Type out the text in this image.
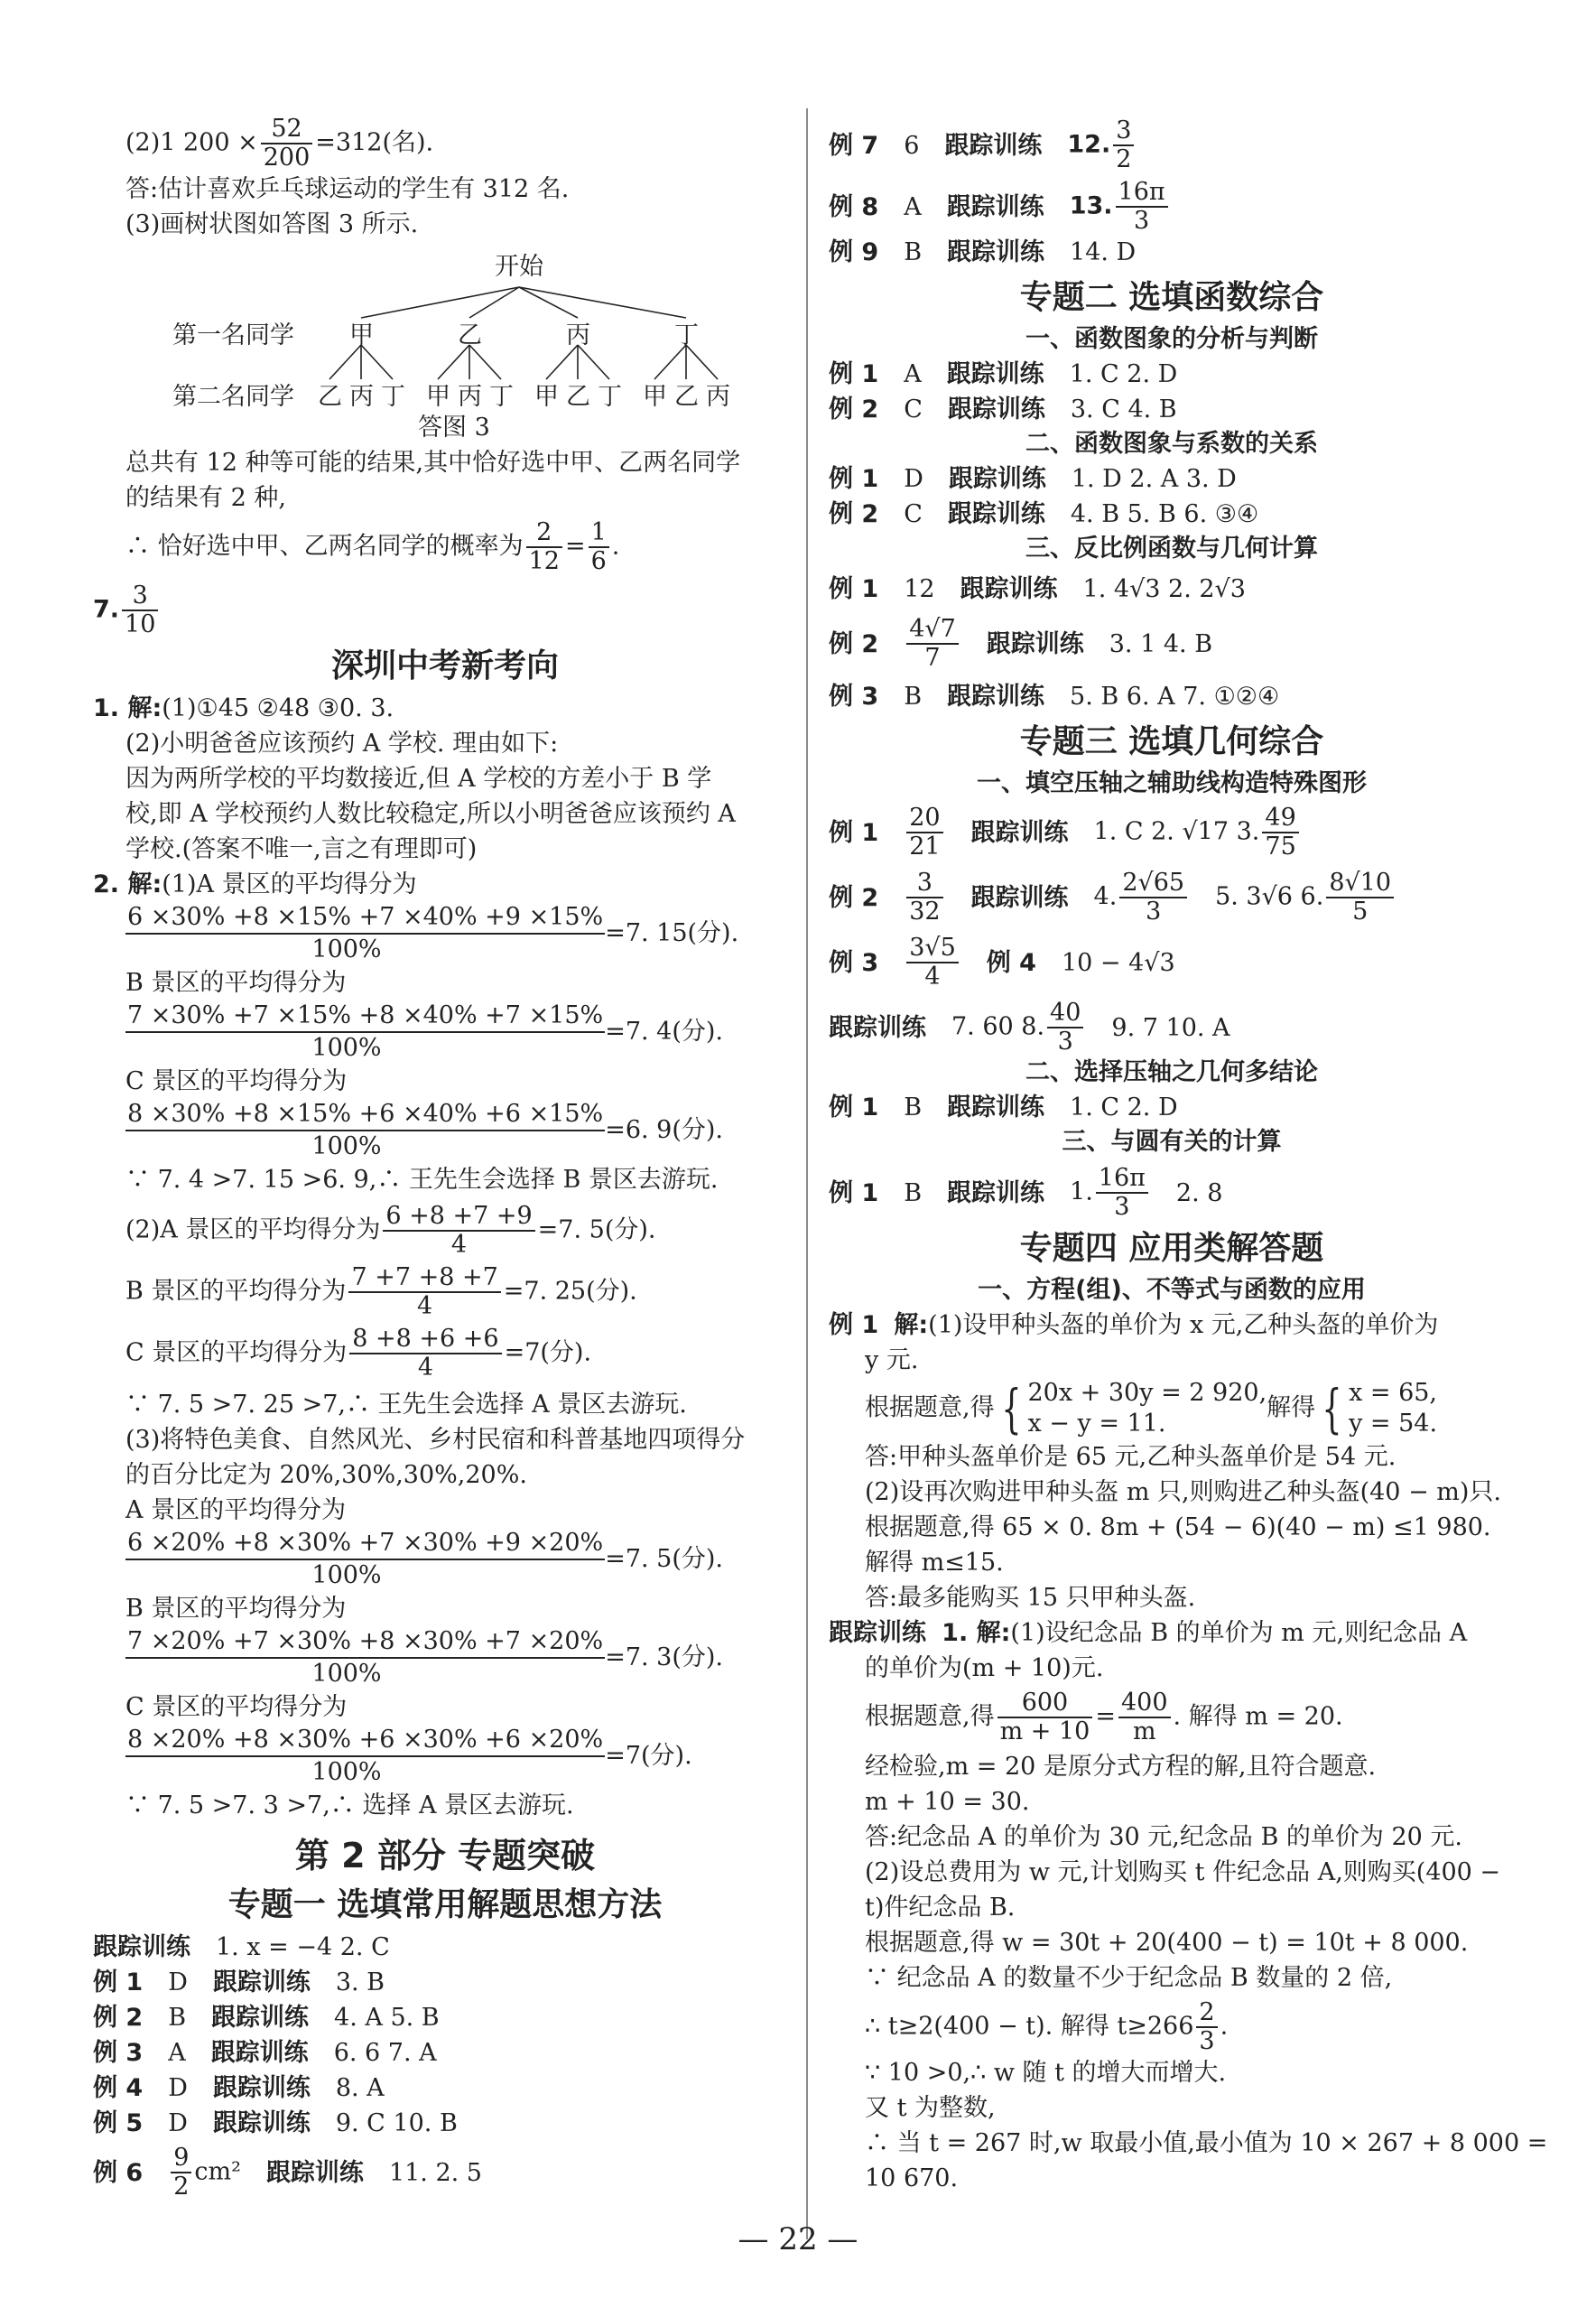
(2)1 $200 \times \frac{52}{200} =312$(名).
答:估计喜欢乒乓球运动的学生有 312 名.
(3)画树状图如答图 3 所示.
开始
第一名同学
第二名同学
甲	乙	丙	丁
乙 丙 丁 甲 丙 丁 甲 乙 丁 甲 乙 丙
答图 3
总共有 12 种等可能的结果,其中恰好选中甲、乙两名同学
的结果有 2 种,
∴ 恰好选中甲、乙两名同学的概率为 $\frac{2}{12} = \frac{1}{6}$ .
7. $\frac{3}{10}$
深圳中考新考向
1. 解:(1)①45 ②48 ③0. 3.
(2)小明爸爸应该预约 A 学校. 理由如下:
因为两所学校的平均数接近,但 A 学校的方差小于 B 学
校,即 A 学校预约人数比较稳定,所以小明爸爸应该预约 A
学校.(答案不唯一,言之有理即可)
2. 解:(1)A 景区的平均得分为
$\frac{6 \times 30\% +8 \times 15\% +7 \times 40\% +9 \times 15\%}{100\%} =7$. 15(分).
B 景区的平均得分为
$\frac{7 \times 30\% +7 \times 15\% +8 \times 40\% +7 \times 15\%}{100\%} =7$. 4(分).
C 景区的平均得分为
$\frac{8 \times 30\% +8 \times 15\% +6 \times 40\% +6 \times 15\%}{100\%} =6$. 9(分).
∵ 7. 4 >7. 15 >6. 9,∴ 王先生会选择 B 景区去游玩.
(2)A 景区的平均得分为 $\frac{6 +8 +7 +9}{4} =7$. 5(分).
B 景区的平均得分为 $\frac{7 +7 +8 +7}{4} =7$. 25(分).
C 景区的平均得分为 $\frac{8 +8 +6 +6}{4} =7$(分).
∵ 7. 5 >7. 25 >7,∴ 王先生会选择 A 景区去游玩.
(3)将特色美食、自然风光、乡村民宿和科普基地四项得分
的百分比定为 20%,30%,30%,20%.
A 景区的平均得分为
$\frac{6 \times 20\% +8 \times 30\% +7 \times 30\% +9 \times 20\%}{100\%} =7$. 5(分).
B 景区的平均得分为
$\frac{7 \times 20\% +7 \times 30\% +8 \times 30\% +7 \times 20\%}{100\%} =7$. 3(分).
C 景区的平均得分为
$\frac{8 \times 20\% +8 \times 30\% +6 \times 30\% +6 \times 20\%}{100\%} =7$(分).
∵ 7. 5 >7. 3 >7,∴ 选择 A 景区去游玩.
第 2 部分 专题突破
专题一 选填常用解题思想方法
跟踪训练 1. x = −4 2. C
例 1 D 跟踪训练 3. B
例 2 B 跟踪训练 4. A 5. B
例 3 A 跟踪训练 6. 6 7. A
例 4 D 跟踪训练 8. A
例 5 D 跟踪训练 9. C 10. B
例 $6 \frac{9}{2} cm^2$ 跟踪训练 11. 2. 5
例 7 6 跟踪训练 12. $\frac{3}{2}$
例 8 A 跟踪训练 13. $\frac{16\pi}{3}$
例 9 B 跟踪训练 14. D
专题二 选填函数综合
一、函数图象的分析与判断
例 1 A 跟踪训练 1. C 2. D
例 2 C 跟踪训练 3. C 4. B
二、函数图象与系数的关系
例 1 D 跟踪训练 1. D 2. A 3. D
例 2 C 跟踪训练 4. B 5. B 6. ③④
三、反比例函数与几何计算
例 1 12 跟踪训练 1. 4√3 2. 2√3
例 $2 \frac{4√7}{7}$ 跟踪训练 3. 1 4. B
例 3 B 跟踪训练 5. B 6. A 7. ①②④
专题三 选填几何综合
一、填空压轴之辅助线构造特殊图形
例 $1 \frac{20}{21}$ 跟踪训练 1. C 2. √17 3. $\frac{49}{75}$
例 $2 \frac{3}{32}$ 跟踪训练 4. $\frac{2√65}{3} 5$. 3√6 6. $\frac{8√10}{5}$
例 $3 \frac{3√5}{4}$ 例 4 10 − 4√3
跟踪训练 7. 60 8. $\frac{40}{3} 9$. 7 10. A
二、选择压轴之几何多结论
例 1 B 跟踪训练 1. C 2. D
三、与圆有关的计算
例 1 B 跟踪训练 1. $\frac{16\pi}{3} 2$. 8
专题四 应用类解答题
一、方程(组)、不等式与函数的应用
例 1 解:(1)设甲种头盔的单价为 x 元,乙种头盔的单价为
y 元.
根据题意,得 { 20x + 30y = 2 920,
x − y = 11.
解得 { x = 65,
y = 54.
答:甲种头盔单价是 65 元,乙种头盔单价是 54 元.
(2)设再次购进甲种头盔 m 只,则购进乙种头盔(40 − m)只.
根据题意,得 65 × 0. 8m + (54 − 6)(40 − m) ≤1 980.
解得 m≤15.
答:最多能购买 15 只甲种头盔.
跟踪训练 1. 解:(1)设纪念品 B 的单价为 m 元,则纪念品 A
的单价为(m + 10)元.
根据题意,得 $\frac{600}{m + 10} = \frac{400}{m}$ . 解得 m = 20.
经检验,m = 20 是原分式方程的解,且符合题意.
m + 10 = 30.
答:纪念品 A 的单价为 30 元,纪念品 B 的单价为 20 元.
(2)设总费用为 w 元,计划购买 t 件纪念品 A,则购买(400 −
t)件纪念品 B.
根据题意,得 w = 30t + 20(400 − t) = 10t + 8 000.
∵ 纪念品 A 的数量不少于纪念品 B 数量的 2 倍,
∴ t≥2(400 − t). 解得 $t\ge 266 \frac{2}{3}$ .
∵ 10 >0,∴ w 随 t 的增大而增大.
又 t 为整数,
∴ 当 t = 267 时,w 取最小值,最小值为 10 × 267 + 8 000 =
10 670.
— 22 —
